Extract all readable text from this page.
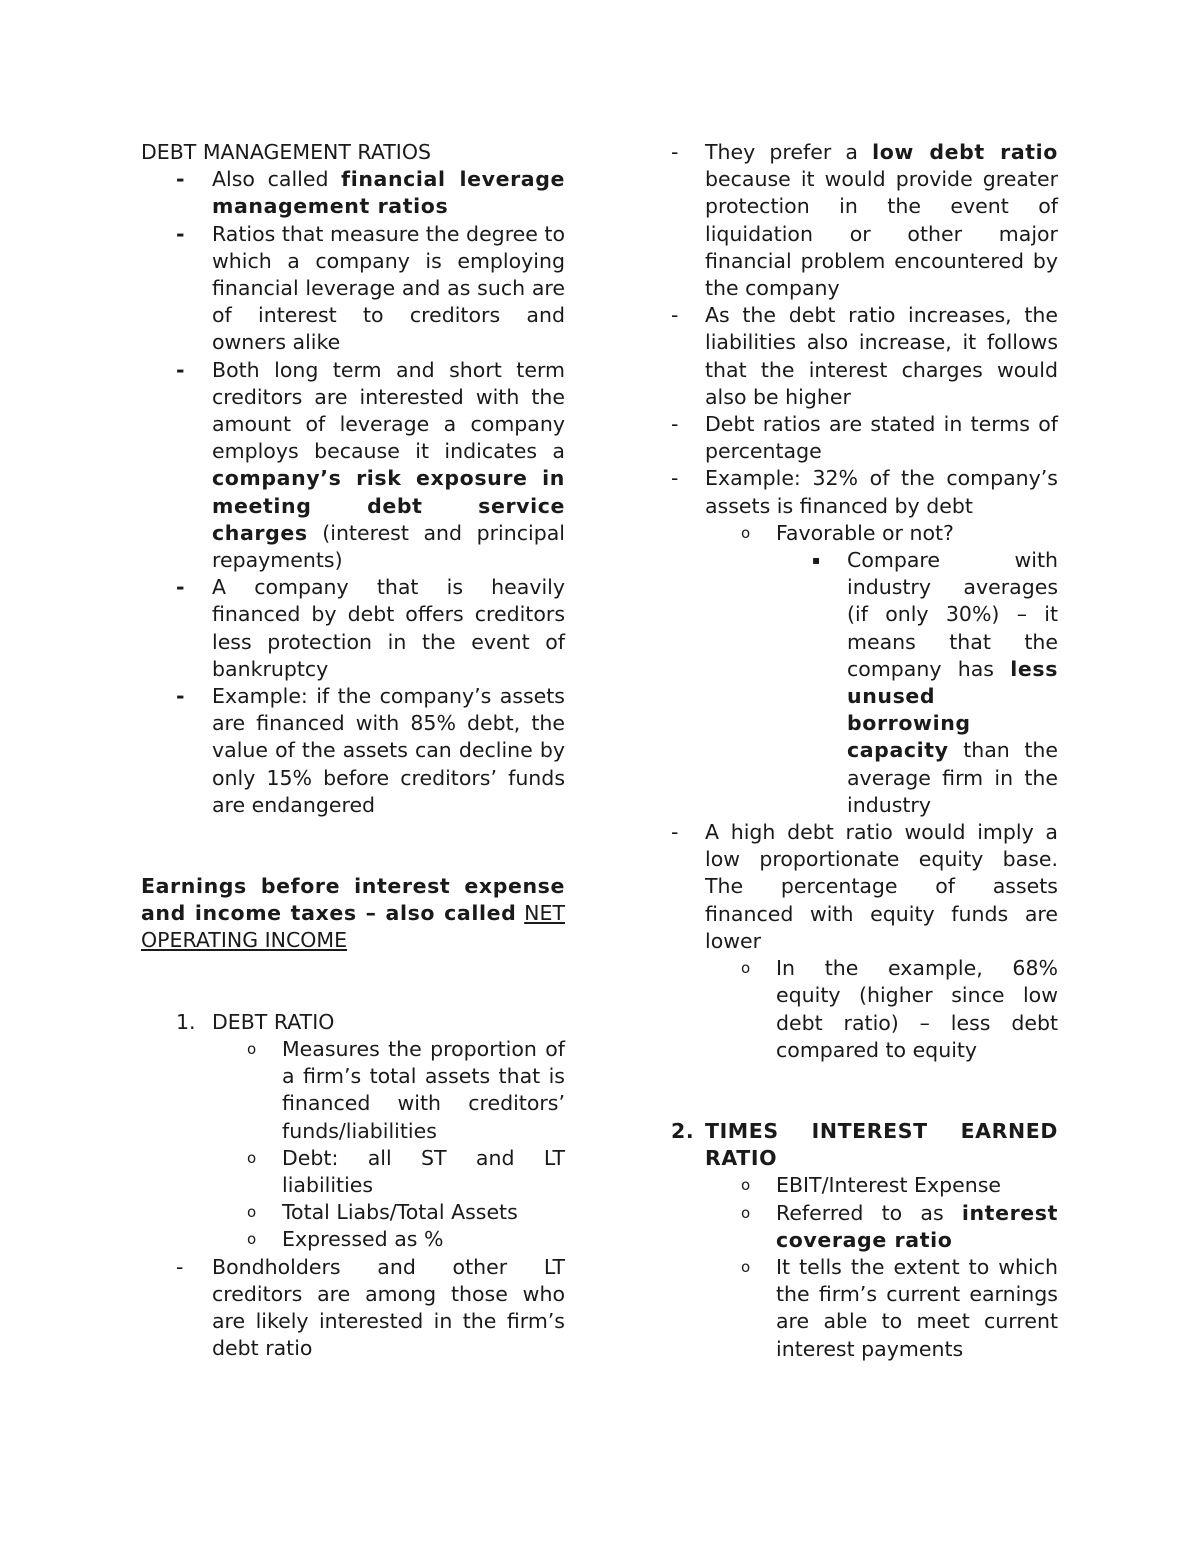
DEBT MANAGEMENT RATIOS

- Also called financial leverage management ratios
- Ratios that measure the degree to which a company is employing financial leverage and as such are of interest to creditors and owners alike
- Both long term and short term creditors are interested with the amount of leverage a company employs because it indicates a company’s risk exposure in meeting debt service charges (interest and principal repayments)
- A company that is heavily financed by debt offers creditors less protection in the event of bankruptcy
- Example: if the company’s assets are financed with 85% debt, the value of the assets can decline by only 15% before creditors’ funds are endangered
Earnings before interest expense and income taxes – also called NET OPERATING INCOME
1. DEBT RATIO
o Measures the proportion of a firm’s total assets that is financed with creditors’ funds/liabilities
o Debt: all ST and LT liabilities
o Total Liabs/Total Assets
o Expressed as %
- Bondholders and other LT creditors are among those who are likely interested in the firm’s debt ratio
- They prefer a low debt ratio because it would provide greater protection in the event of liquidation or other major financial problem encountered by the company
- As the debt ratio increases, the liabilities also increase, it follows that the interest charges would also be higher
- Debt ratios are stated in terms of percentage
- Example: 32% of the company’s assets is financed by debt
o Favorable or not?
▪ Compare with industry averages (if only 30%) – it means that the company has less unused borrowing capacity than the average firm in the industry
- A high debt ratio would imply a low proportionate equity base. The percentage of assets financed with equity funds are lower
o In the example, 68% equity (higher since low debt ratio) – less debt compared to equity
2. TIMES INTEREST EARNED RATIO
o EBIT/Interest Expense
o Referred to as interest coverage ratio
o It tells the extent to which the firm’s current earnings are able to meet current interest payments
